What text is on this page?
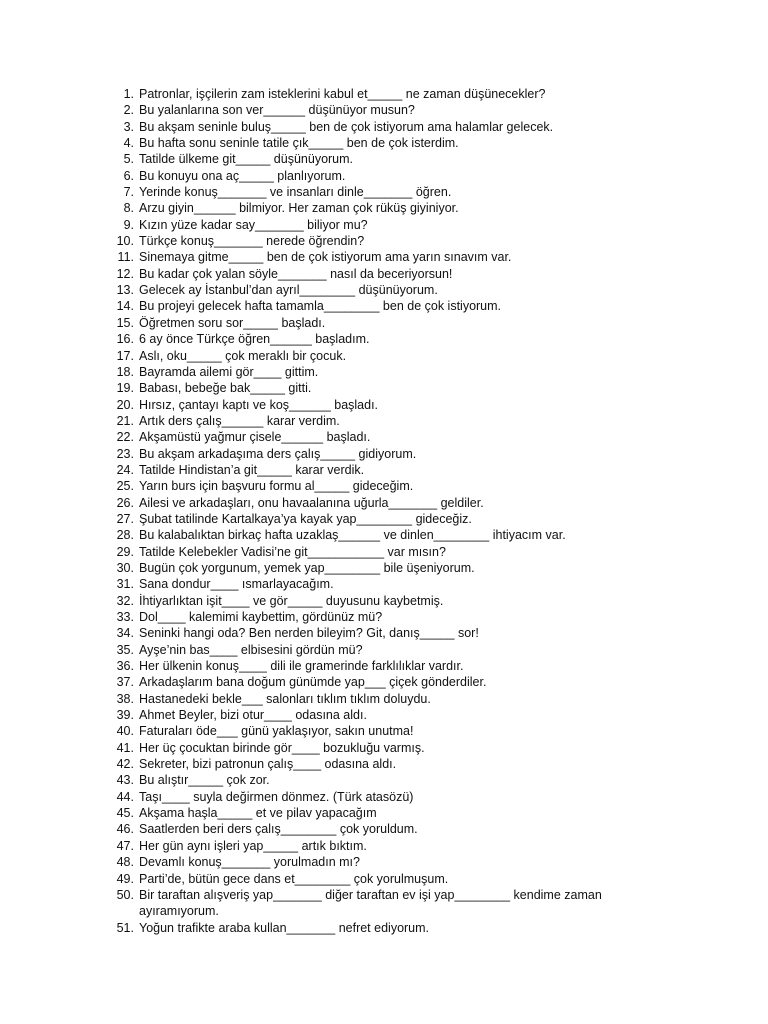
1. Patronlar, işçilerin zam isteklerini kabul et_____ ne zaman düşünecekler?
2. Bu yalanlarına son ver______ düşünüyor musun?
3. Bu akşam seninle buluş_____ ben de çok istiyorum ama halamlar gelecek.
4. Bu hafta sonu seninle tatile çık_____ ben de çok isterdim.
5. Tatilde ülkeme git_____ düşünüyorum.
6. Bu konuyu ona aç_____ planlıyorum.
7. Yerinde konuş_______ ve insanları dinle_______ öğren.
8. Arzu giyin______ bilmiyor. Her zaman çok rüküş giyiniyor.
9. Kızın yüze kadar say_______ biliyor mu?
10. Türkçe konuş_______ nerede öğrendin?
11. Sinemaya gitme_____ ben de çok istiyorum ama yarın sınavım var.
12. Bu kadar çok yalan söyle_______ nasıl da beceriyorsun!
13. Gelecek ay İstanbul’dan ayrıl________ düşünüyorum.
14. Bu projeyi gelecek hafta tamamla________ ben de çok istiyorum.
15. Öğretmen soru sor_____ başladı.
16. 6 ay önce Türkçe öğren______ başladım.
17. Aslı, oku_____ çok meraklı bir çocuk.
18. Bayramda ailemi gör____ gittim.
19. Babası, bebeğe bak_____ gitti.
20. Hırsız, çantayı kaptı ve koş______ başladı.
21. Artık ders çalış______ karar verdim.
22. Akşamüstü yağmur çisele______ başladı.
23. Bu akşam arkadaşıma ders çalış_____ gidiyorum.
24. Tatilde Hindistan’a git_____ karar verdik.
25. Yarın burs için başvuru formu al_____ gideceğim.
26. Ailesi ve arkadaşları, onu havaalanına uğurla_______ geldiler.
27. Şubat tatilinde Kartalkaya’ya kayak yap________ gideceğiz.
28. Bu kalabalıktan birkaç hafta uzaklaş______ ve dinlen________ ihtiyacım var.
29. Tatilde Kelebekler Vadisi’ne git___________ var mısın?
30. Bugün çok yorgunum, yemek yap________ bile üşeniyorum.
31. Sana dondur____ ısmarlayacağım.
32. İhtiyarlıktan işit____ ve gör_____ duyusunu kaybetmiş.
33. Dol____ kalemimi kaybettim, gördünüz mü?
34. Seninki hangi oda? Ben nerden bileyim? Git, danış_____ sor!
35. Ayşe’nin bas____ elbisesini gördün mü?
36. Her ülkenin konuş____ dili ile gramerinde farklılıklar vardır.
37. Arkadaşlarım bana doğum günümde yap___ çiçek gönderdiler.
38. Hastanedeki bekle___ salonları tıklım tıklım doluydu.
39. Ahmet Beyler, bizi otur____ odasına aldı.
40. Faturaları öde___ günü yaklaşıyor, sakın unutma!
41. Her üç çocuktan birinde gör____ bozukluğu varmış.
42. Sekreter, bizi patronun çalış____ odasına aldı.
43. Bu alıştır_____ çok zor.
44. Taşı____ suyla değirmen dönmez. (Türk atasözü)
45. Akşama haşla_____ et ve pilav yapacağım
46. Saatlerden beri ders çalış________ çok yoruldum.
47. Her gün aynı işleri yap_____ artık bıktım.
48. Devamlı konuş_______ yorulmadın mı?
49. Parti’de, bütün gece dans et________ çok yorulmuşum.
50. Bir taraftan alışveriş yap_______ diğer taraftan ev işi yap________ kendime zaman ayıramıyorum.
51. Yoğun trafikte araba kullan_______ nefret ediyorum.
